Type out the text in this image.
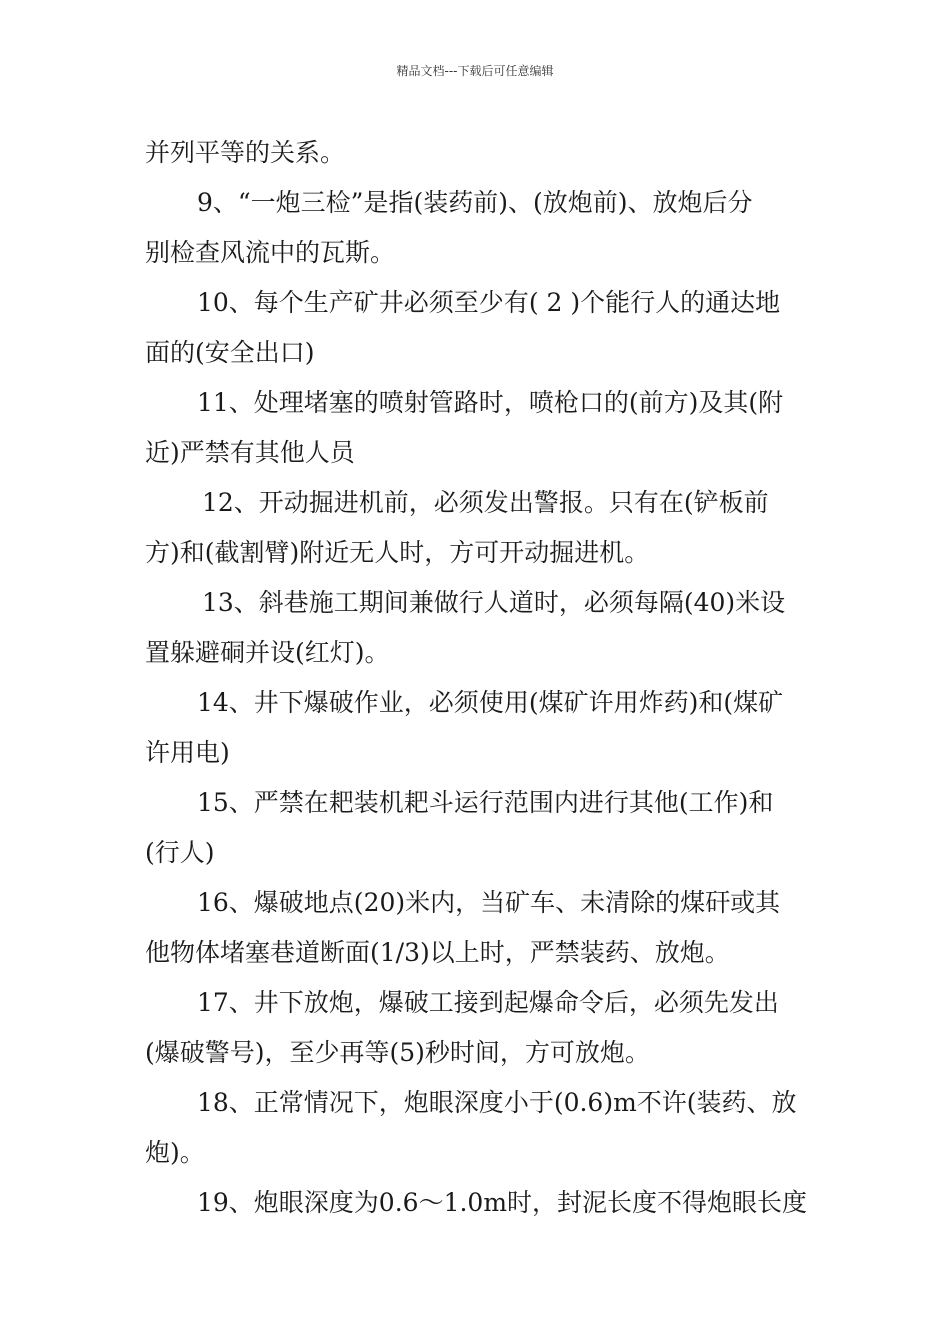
精品文档---下载后可任意编辑
并列平等的关系。
9、“一炮三检”是指(装药前)、(放炮前)、放炮后分
别检查风流中的瓦斯。
10、每个生产矿井必须至少有( 2 )个能行人的通达地
面的(安全出口)
11、处理堵塞的喷射管路时，喷枪口的(前方)及其(附
近)严禁有其他人员
12、开动掘进机前，必须发出警报。只有在(铲板前
方)和(截割臂)附近无人时，方可开动掘进机。
13、斜巷施工期间兼做行人道时，必须每隔(40)米设
置躲避硐并设(红灯)。
14、井下爆破作业，必须使用(煤矿许用炸药)和(煤矿
许用电)
15、严禁在耙装机耙斗运行范围内进行其他(工作)和
(行人)
16、爆破地点(20)米内，当矿车、未清除的煤矸或其
他物体堵塞巷道断面(1/3)以上时，严禁装药、放炮。
17、井下放炮，爆破工接到起爆命令后，必须先发出
(爆破警号)，至少再等(5)秒时间，方可放炮。
18、正常情况下，炮眼深度小于(0.6)m不许(装药、放
炮)。
19、炮眼深度为0.6～1.0m时，封泥长度不得炮眼长度
